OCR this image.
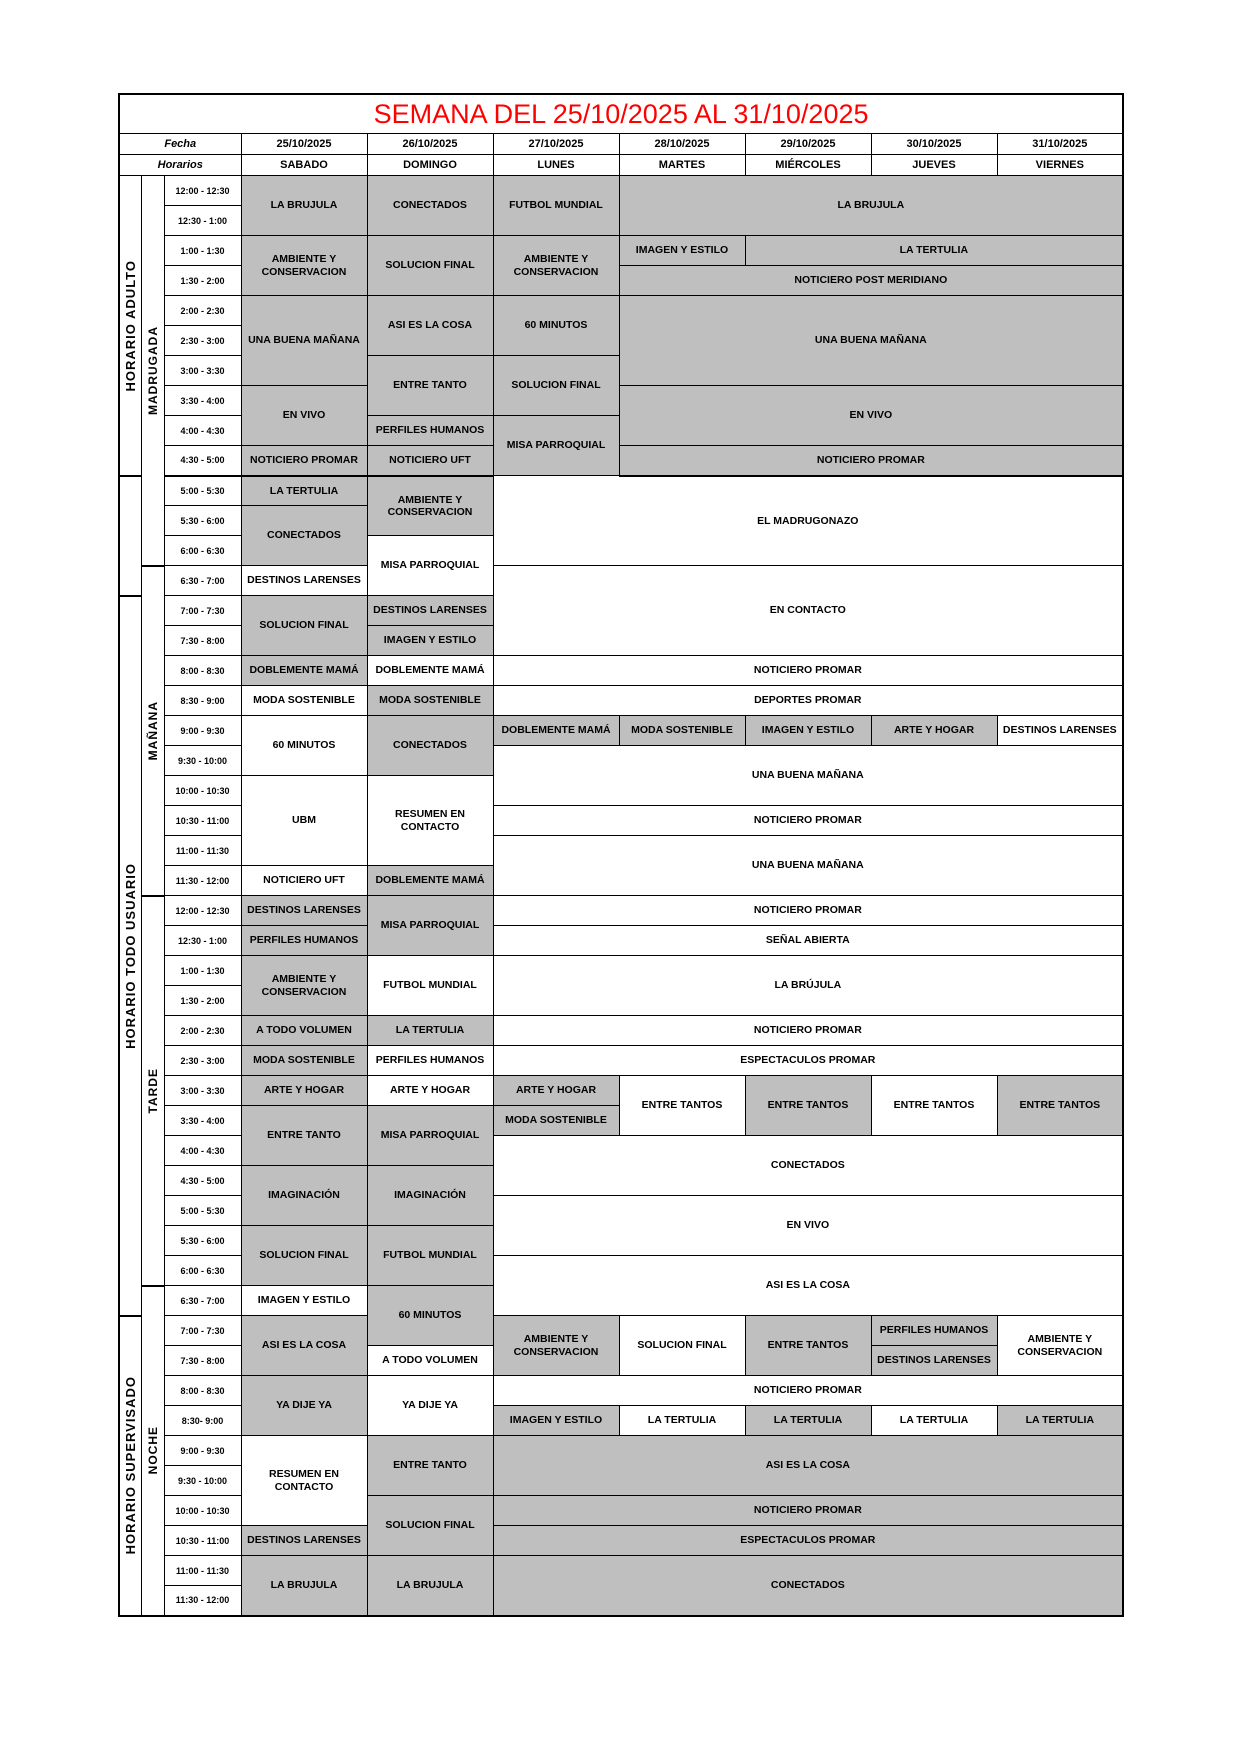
SEMANA DEL 25/10/2025 AL 31/10/2025									
Fecha			25/10/2025	26/10/2025	27/10/2025	28/10/2025	29/10/2025	30/10/2025	31/10/2025
Horarios			SABADO	DOMINGO	LUNES	MARTES	MIÉRCOLES	JUEVES	VIERNES

HORARIO ADULTO	MADRUGADA	12:00 - 12:30	LA BRUJULA	CONECTADOS	FUTBOL MUNDIAL	LA BRUJULA			
		12:30 - 1:00							
		1:00 - 1:30	AMBIENTE Y CONSERVACION	SOLUCION FINAL	AMBIENTE Y CONSERVACION	IMAGEN Y ESTILO	LA TERTULIA		
		1:30 - 2:00				NOTICIERO POST MERIDIANO			
		2:00 - 2:30	UNA BUENA MAÑANA	ASI ES LA COSA	60 MINUTOS	UNA BUENA MAÑANA			
		2:30 - 3:00							
		3:00 - 3:30		ENTRE TANTO	SOLUCION FINAL				
		3:30 - 4:00	EN VIVO			EN VIVO			
		4:00 - 4:30		PERFILES HUMANOS	MISA PARROQUIAL				
		4:30 - 5:00	NOTICIERO PROMAR	NOTICIERO UFT		NOTICIERO PROMAR			

		5:00 - 5:30	LA TERTULIA	AMBIENTE Y CONSERVACION	EL MADRUGONAZO				
		5:30 - 6:00	CONECTADOS						
		6:00 - 6:30		MISA PARROQUIAL					

	MAÑANA	6:30 - 7:00	DESTINOS LARENSES		EN CONTACTO				

HORARIO TODO USUARIO		7:00 - 7:30	SOLUCION FINAL	DESTINOS LARENSES					
		7:30 - 8:00		IMAGEN Y ESTILO					
		8:00 - 8:30	DOBLEMENTE MAMÁ	DOBLEMENTE MAMÁ	NOTICIERO PROMAR				
		8:30 - 9:00	MODA SOSTENIBLE	MODA SOSTENIBLE	DEPORTES PROMAR				
		9:00 - 9:30	60 MINUTOS	CONECTADOS	DOBLEMENTE MAMÁ	MODA SOSTENIBLE	IMAGEN Y ESTILO	ARTE Y HOGAR	DESTINOS LARENSES
		9:30 - 10:00			UNA BUENA MAÑANA				
		10:00 - 10:30	UBM	RESUMEN EN CONTACTO					
		10:30 - 11:00			NOTICIERO PROMAR				
		11:00 - 11:30			UNA BUENA MAÑANA				
		11:30 - 12:00	NOTICIERO UFT	DOBLEMENTE MAMÁ					

	TARDE	12:00 - 12:30	DESTINOS LARENSES	MISA PARROQUIAL	NOTICIERO PROMAR				
		12:30 - 1:00	PERFILES HUMANOS		SEÑAL ABIERTA				
		1:00 - 1:30	AMBIENTE Y CONSERVACION	FUTBOL MUNDIAL	LA BRÚJULA				
		1:30 - 2:00							
		2:00 - 2:30	A TODO VOLUMEN	LA TERTULIA	NOTICIERO PROMAR				
		2:30 - 3:00	MODA SOSTENIBLE	PERFILES HUMANOS	ESPECTACULOS PROMAR				
		3:00 - 3:30	ARTE Y HOGAR	ARTE Y HOGAR	ARTE Y HOGAR	ENTRE TANTOS	ENTRE TANTOS	ENTRE TANTOS	ENTRE TANTOS
		3:30 - 4:00	ENTRE TANTO	MISA PARROQUIAL	MODA SOSTENIBLE				
		4:00 - 4:30			CONECTADOS				
		4:30 - 5:00	IMAGINACIÓN	IMAGINACIÓN					
		5:00 - 5:30			EN VIVO				
		5:30 - 6:00	SOLUCION FINAL	FUTBOL MUNDIAL					
		6:00 - 6:30			ASI ES LA COSA				

	NOCHE	6:30 - 7:00	IMAGEN Y ESTILO	60 MINUTOS					

HORARIO SUPERVISADO		7:00 - 7:30	ASI ES LA COSA		AMBIENTE Y CONSERVACION	SOLUCION FINAL	ENTRE TANTOS	PERFILES HUMANOS	AMBIENTE Y CONSERVACION
		7:30 - 8:00		A TODO VOLUMEN				DESTINOS LARENSES	
		8:00 - 8:30	YA DIJE YA	YA DIJE YA	NOTICIERO PROMAR				
		8:30- 9:00			IMAGEN Y ESTILO	LA TERTULIA	LA TERTULIA	LA TERTULIA	LA TERTULIA
		9:00 - 9:30	RESUMEN EN CONTACTO	ENTRE TANTO	ASI ES LA COSA				
		9:30 - 10:00							
		10:00 - 10:30		SOLUCION FINAL	NOTICIERO PROMAR				
		10:30 - 11:00	DESTINOS LARENSES		ESPECTACULOS PROMAR				
		11:00 - 11:30	LA BRUJULA	LA BRUJULA	CONECTADOS				
		11:30 - 12:00							
